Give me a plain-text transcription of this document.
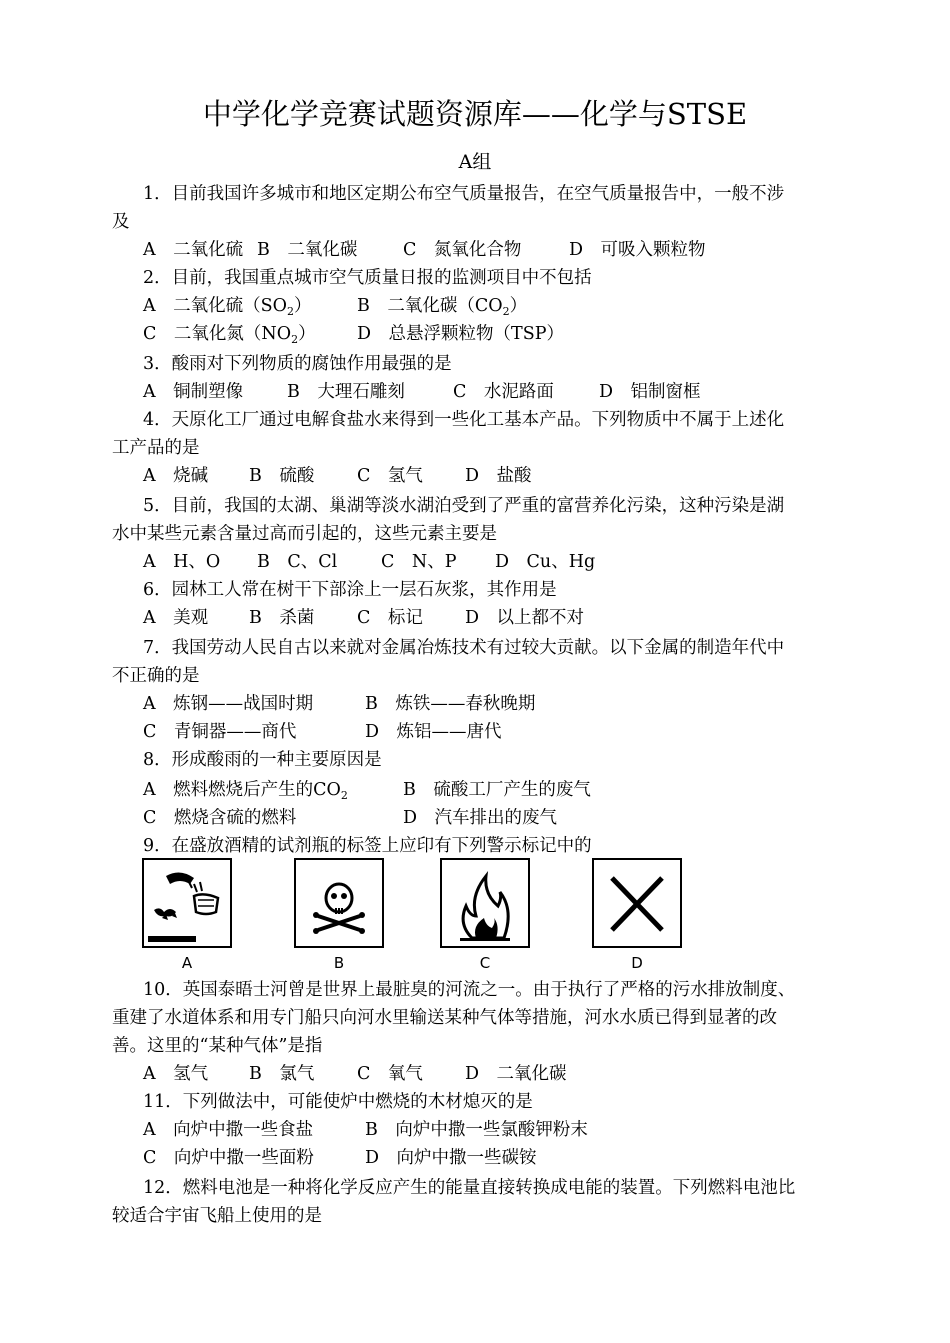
中学化学竞赛试题资源库——化学与STSE
A组
1．目前我国许多城市和地区定期公布空气质量报告，在空气质量报告中，一般不涉
及
A　二氧化硫 B　二氧化碳	C　氮氧化合物	D　可吸入颗粒物
2．目前，我国重点城市空气质量日报的监测项目中不包括
A　二氧化硫$(SO_2)$	B　二氧化碳$(CO_2)$
C　二氧化氮$(NO_2)$ D　总悬浮颗粒物（TSP）
3．酸雨对下列物质的腐蚀作用最强的是
A　铜制塑像	B　大理石雕刻	C　水泥路面	D　铝制窗框
4．天原化工厂通过电解食盐水来得到一些化工基本产品。下列物质中不属于上述化
工产品的是
A　烧碱 B　硫酸 C　氢气 D　盐酸
5．目前，我国的太湖、巢湖等淡水湖泊受到了严重的富营养化污染，这种污染是湖
水中某些元素含量过高而引起的，这些元素主要是
A　H、O B　C、Cl	C　N、P D　Cu、Hg
6．园林工人常在树干下部涂上一层石灰浆，其作用是
A　美观 B　杀菌 C　标记 D　以上都不对
7．我国劳动人民自古以来就对金属冶炼技术有过较大贡献。以下金属的制造年代中
不正确的是
A　炼钢——战国时期	B　炼铁——春秋晚期
C　青铜器——商代	D　炼铝——唐代
8．形成酸雨的一种主要原因是
A　燃料燃烧后产生的$CO_2$	B　硫酸工厂产生的废气
C　燃烧含硫的燃料	D　汽车排出的废气
9．在盛放酒精的试剂瓶的标签上应印有下列警示标记中的
A	B	C	D
10．英国泰晤士河曾是世界上最脏臭的河流之一。由于执行了严格的污水排放制度、
重建了水道体系和用专门船只向河水里输送某种气体等措施，河水水质已得到显著的改
善。这里的“某种气体”是指
A　氢气 B　氯气 C　氧气 D　二氧化碳
11．下列做法中，可能使炉中燃烧的木材熄灭的是
A　向炉中撒一些食盐	B　向炉中撒一些氯酸钾粉末
C　向炉中撒一些面粉	D　向炉中撒一些碳铵
12．燃料电池是一种将化学反应产生的能量直接转换成电能的装置。下列燃料电池比
较适合宇宙飞船上使用的是
